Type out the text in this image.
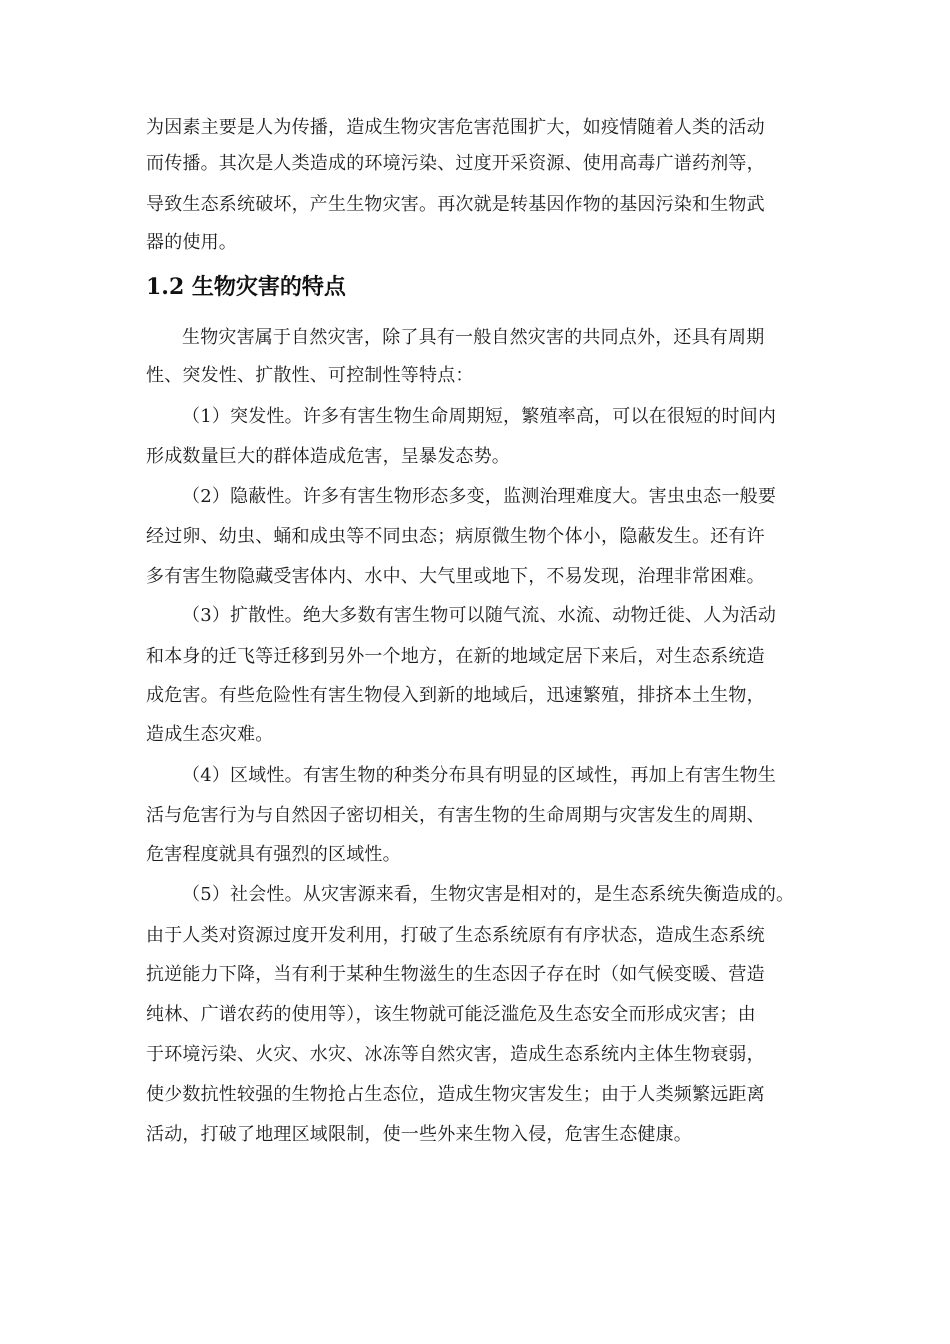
为因素主要是人为传播，造成生物灾害危害范围扩大，如疫情随着人类的活动
而传播。其次是人类造成的环境污染、过度开采资源、使用高毒广谱药剂等，
导致生态系统破坏，产生生物灾害。再次就是转基因作物的基因污染和生物武
器的使用。
1.2 生物灾害的特点
生物灾害属于自然灾害，除了具有一般自然灾害的共同点外，还具有周期
性、突发性、扩散性、可控制性等特点：
（1）突发性。许多有害生物生命周期短，繁殖率高，可以在很短的时间内
形成数量巨大的群体造成危害，呈暴发态势。
（2）隐蔽性。许多有害生物形态多变，监测治理难度大。害虫虫态一般要
经过卵、幼虫、蛹和成虫等不同虫态；病原微生物个体小，隐蔽发生。还有许
多有害生物隐藏受害体内、水中、大气里或地下，不易发现，治理非常困难。
（3）扩散性。绝大多数有害生物可以随气流、水流、动物迁徙、人为活动
和本身的迁飞等迁移到另外一个地方，在新的地域定居下来后，对生态系统造
成危害。有些危险性有害生物侵入到新的地域后，迅速繁殖，排挤本土生物，
造成生态灾难。
（4）区域性。有害生物的种类分布具有明显的区域性，再加上有害生物生
活与危害行为与自然因子密切相关，有害生物的生命周期与灾害发生的周期、
危害程度就具有强烈的区域性。
（5）社会性。从灾害源来看，生物灾害是相对的，是生态系统失衡造成的。
由于人类对资源过度开发利用，打破了生态系统原有有序状态，造成生态系统
抗逆能力下降，当有利于某种生物滋生的生态因子存在时（如气候变暖、营造
纯林、广谱农药的使用等），该生物就可能泛滥危及生态安全而形成灾害；由
于环境污染、火灾、水灾、冰冻等自然灾害，造成生态系统内主体生物衰弱，
使少数抗性较强的生物抢占生态位，造成生物灾害发生；由于人类频繁远距离
活动，打破了地理区域限制，使一些外来生物入侵，危害生态健康。
